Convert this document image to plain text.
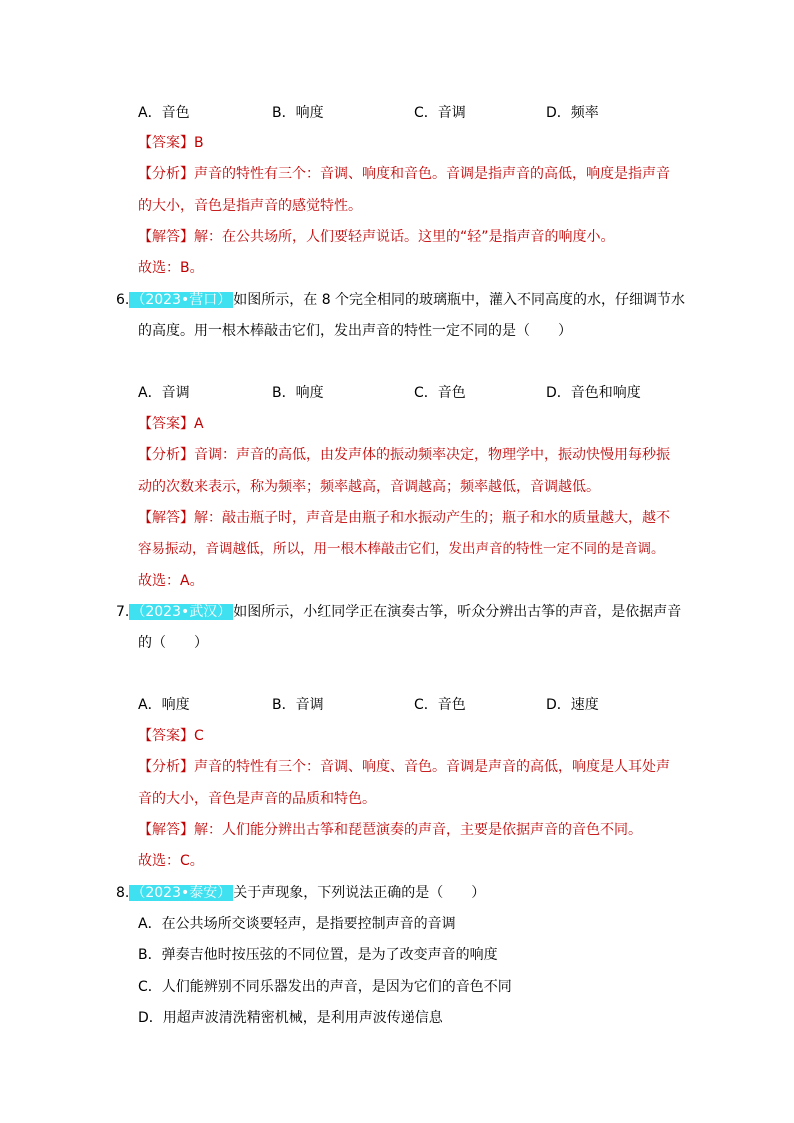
A．音色	B．响度	C．音调	D．频率
【答案】B
【分析】声音的特性有三个：音调、响度和音色。音调是指声音的高低，响度是指声音
的大小，音色是指声音的感觉特性。
【解答】解：在公共场所，人们要轻声说话。这里的“轻”是指声音的响度小。
故选：B。
6. （2023•营口） 如图所示，在 8 个完全相同的玻璃瓶中，灌入不同高度的水，仔细调节水
的高度。用一根木棒敲击它们，发出声音的特性一定不同的是（　　）
A．音调	B．响度	C．音色	D．音色和响度
【答案】A
【分析】音调：声音的高低，由发声体的振动频率决定，物理学中，振动快慢用每秒振
动的次数来表示，称为频率；频率越高，音调越高；频率越低，音调越低。
【解答】解：敲击瓶子时，声音是由瓶子和水振动产生的；瓶子和水的质量越大，越不
容易振动，音调越低，所以，用一根木棒敲击它们，发出声音的特性一定不同的是音调。
故选：A。
7. （2023•武汉） 如图所示，小红同学正在演奏古筝，听众分辨出古筝的声音，是依据声音
的（　　）
A．响度	B．音调	C．音色	D．速度
【答案】C
【分析】声音的特性有三个：音调、响度、音色。音调是声音的高低，响度是人耳处声
音的大小，音色是声音的品质和特色。
【解答】解：人们能分辨出古筝和琵琶演奏的声音，主要是依据声音的音色不同。
故选：C。
8. （2023•泰安） 关于声现象，下列说法正确的是（　　）
A．在公共场所交谈要轻声，是指要控制声音的音调
B．弹奏吉他时按压弦的不同位置，是为了改变声音的响度
C．人们能辨别不同乐器发出的声音，是因为它们的音色不同
D．用超声波清洗精密机械，是利用声波传递信息
